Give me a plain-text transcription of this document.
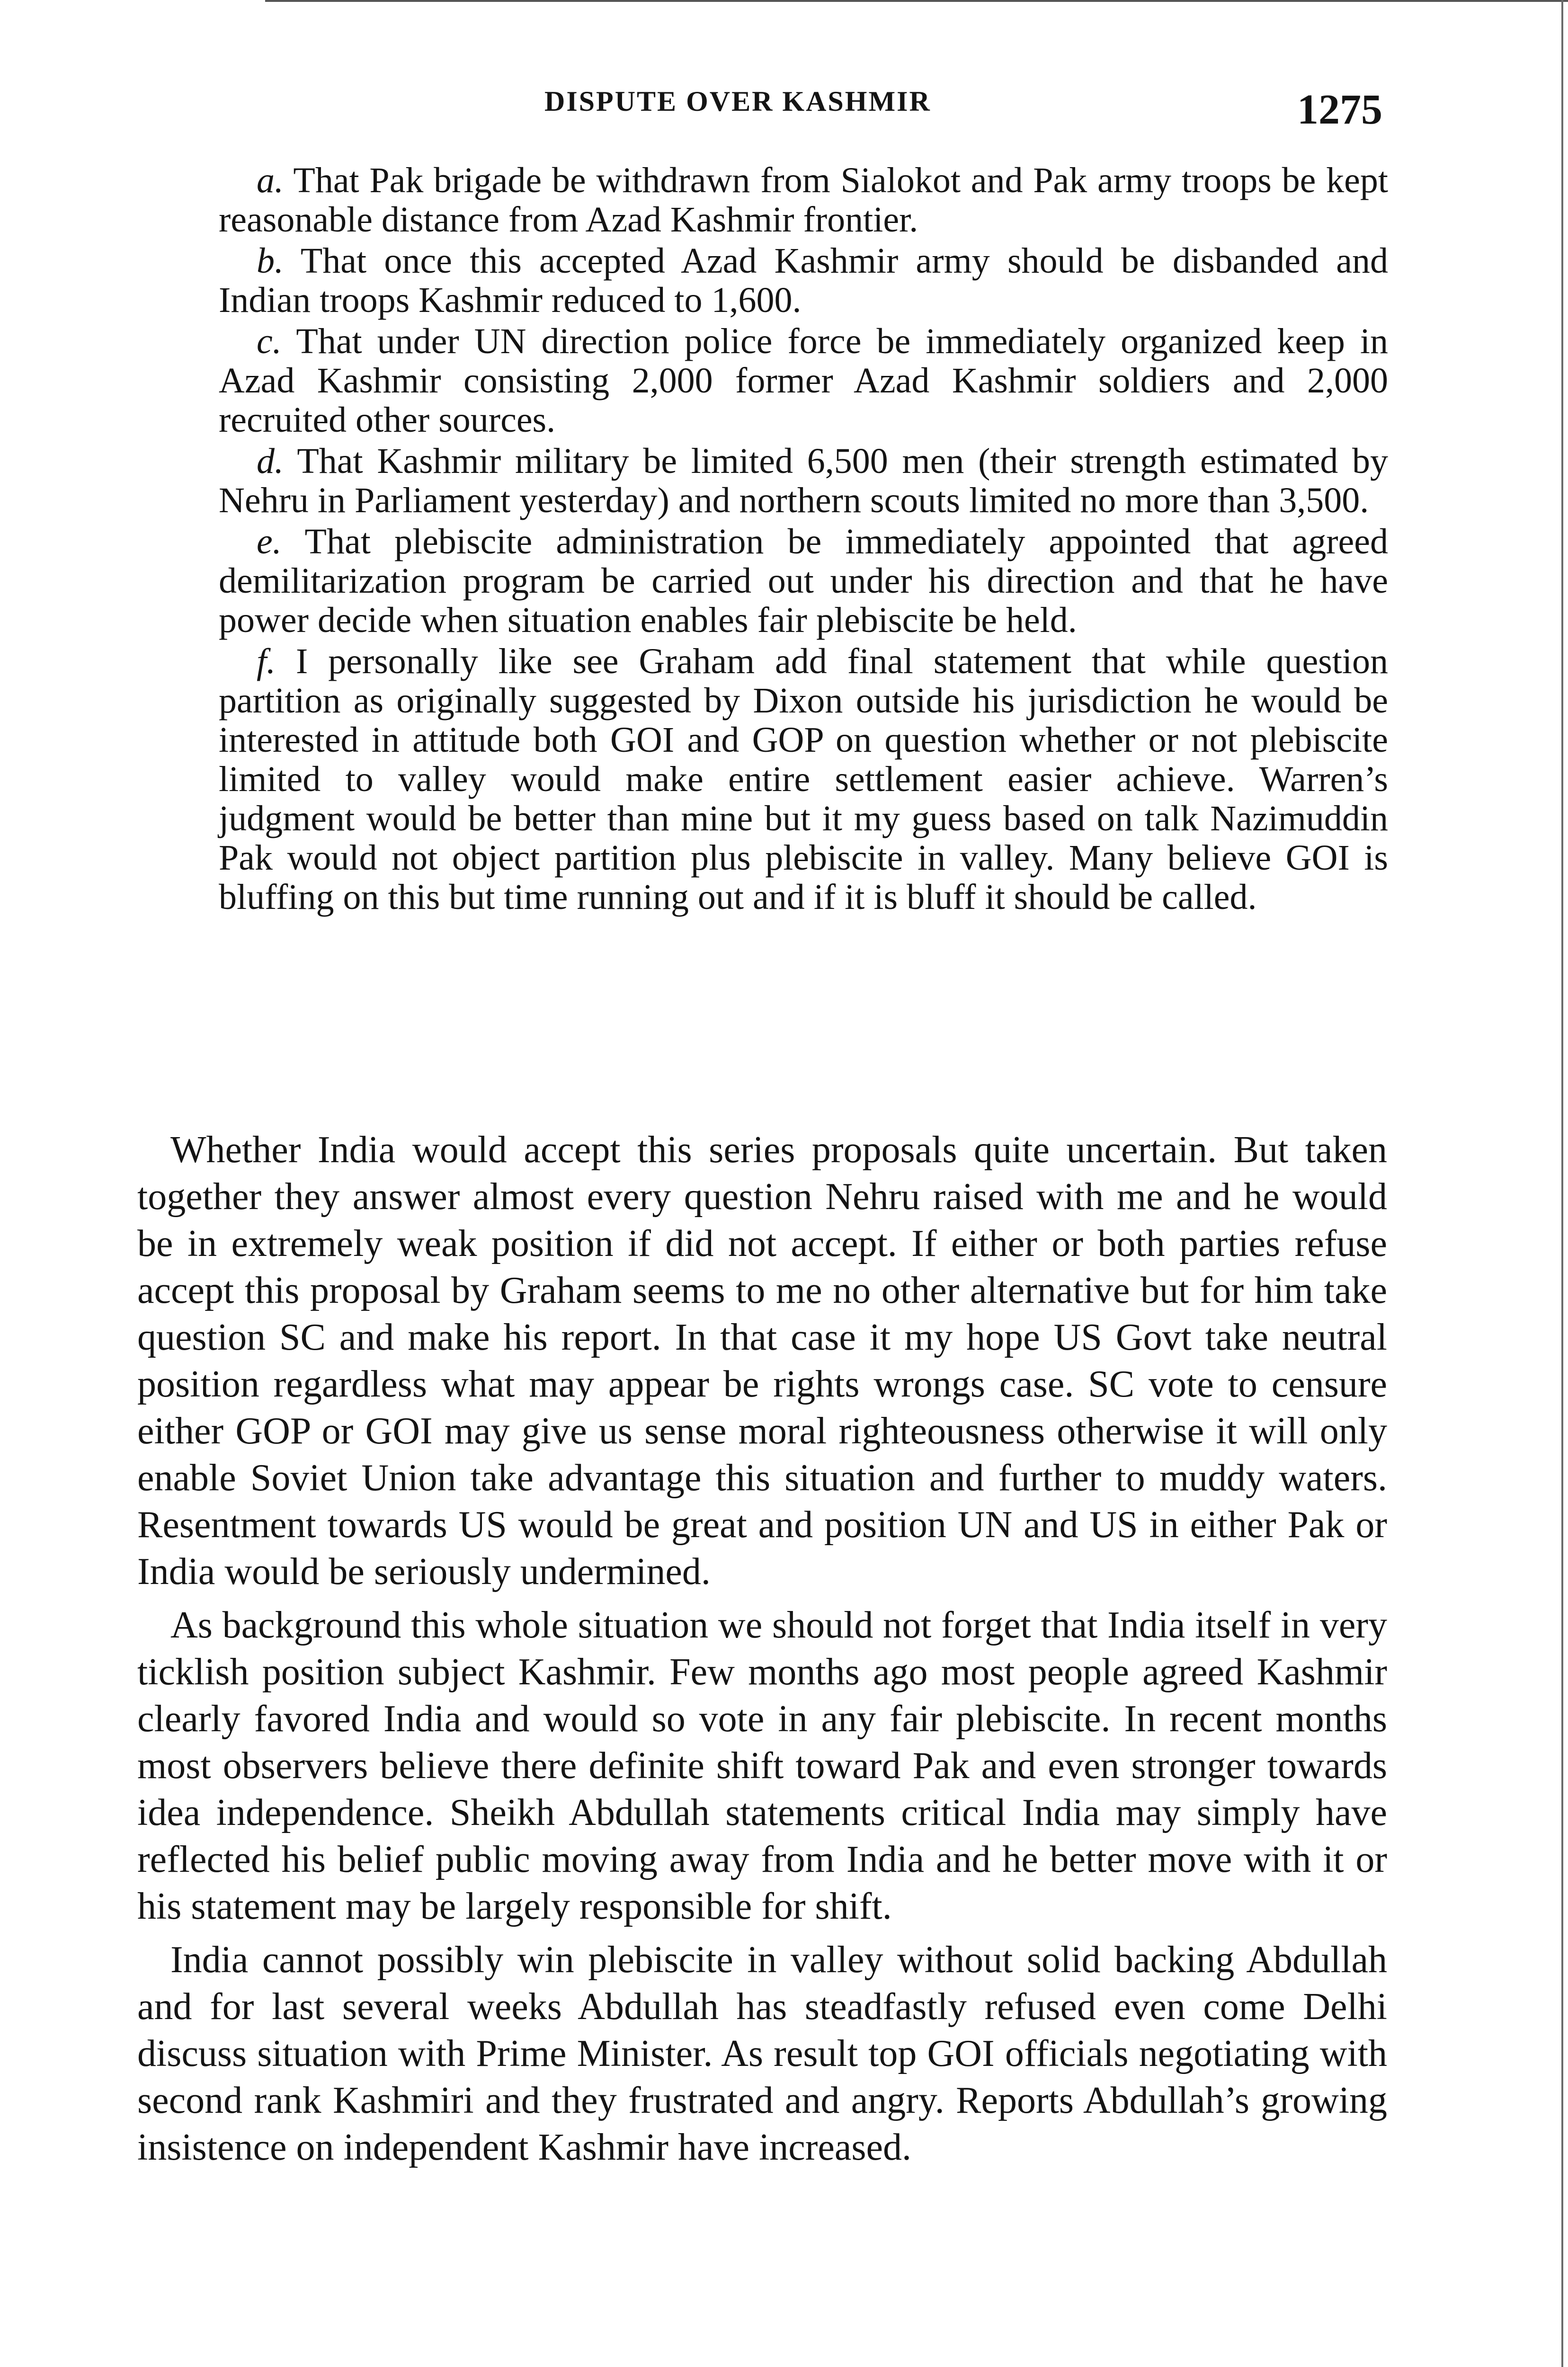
DISPUTE OVER KASHMIR	1275

a. That Pak brigade be withdrawn from Sialokot and Pak army troops be kept reasonable distance from Azad Kashmir frontier.

b. That once this accepted Azad Kashmir army should be disbanded and Indian troops Kashmir reduced to 1,600.

c. That under UN direction police force be immediately organized keep in Azad Kashmir consisting 2,000 former Azad Kashmir soldiers and 2,000 recruited other sources.

d. That Kashmir military be limited 6,500 men (their strength estimated by Nehru in Parliament yesterday) and northern scouts limited no more than 3,500.

e. That plebiscite administration be immediately appointed that agreed demilitarization program be carried out under his direction and that he have power decide when situation enables fair plebiscite be held.

f. I personally like see Graham add final statement that while question partition as originally suggested by Dixon outside his jurisdiction he would be interested in attitude both GOI and GOP on question whether or not plebiscite limited to valley would make entire settlement easier achieve. Warren’s judgment would be better than mine but it my guess based on talk Nazimuddin Pak would not object partition plus plebiscite in valley. Many believe GOI is bluffing on this but time running out and if it is bluff it should be called.

Whether India would accept this series proposals quite uncertain. But taken together they answer almost every question Nehru raised with me and he would be in extremely weak position if did not accept. If either or both parties refuse accept this proposal by Graham seems to me no other alternative but for him take question SC and make his report. In that case it my hope US Govt take neutral position regardless what may appear be rights wrongs case. SC vote to censure either GOP or GOI may give us sense moral righteousness otherwise it will only enable Soviet Union take advantage this situation and further to muddy waters. Resentment towards US would be great and position UN and US in either Pak or India would be seriously undermined.

As background this whole situation we should not forget that India itself in very ticklish position subject Kashmir. Few months ago most people agreed Kashmir clearly favored India and would so vote in any fair plebiscite. In recent months most observers believe there definite shift toward Pak and even stronger towards idea independence. Sheikh Abdullah statements critical India may simply have reflected his belief public moving away from India and he better move with it or his statement may be largely responsible for shift.

India cannot possibly win plebiscite in valley without solid backing Abdullah and for last several weeks Abdullah has steadfastly refused even come Delhi discuss situation with Prime Minister. As result top GOI officials negotiating with second rank Kashmiri and they frustrated and angry. Reports Abdullah’s growing insistence on independent Kashmir have increased.
